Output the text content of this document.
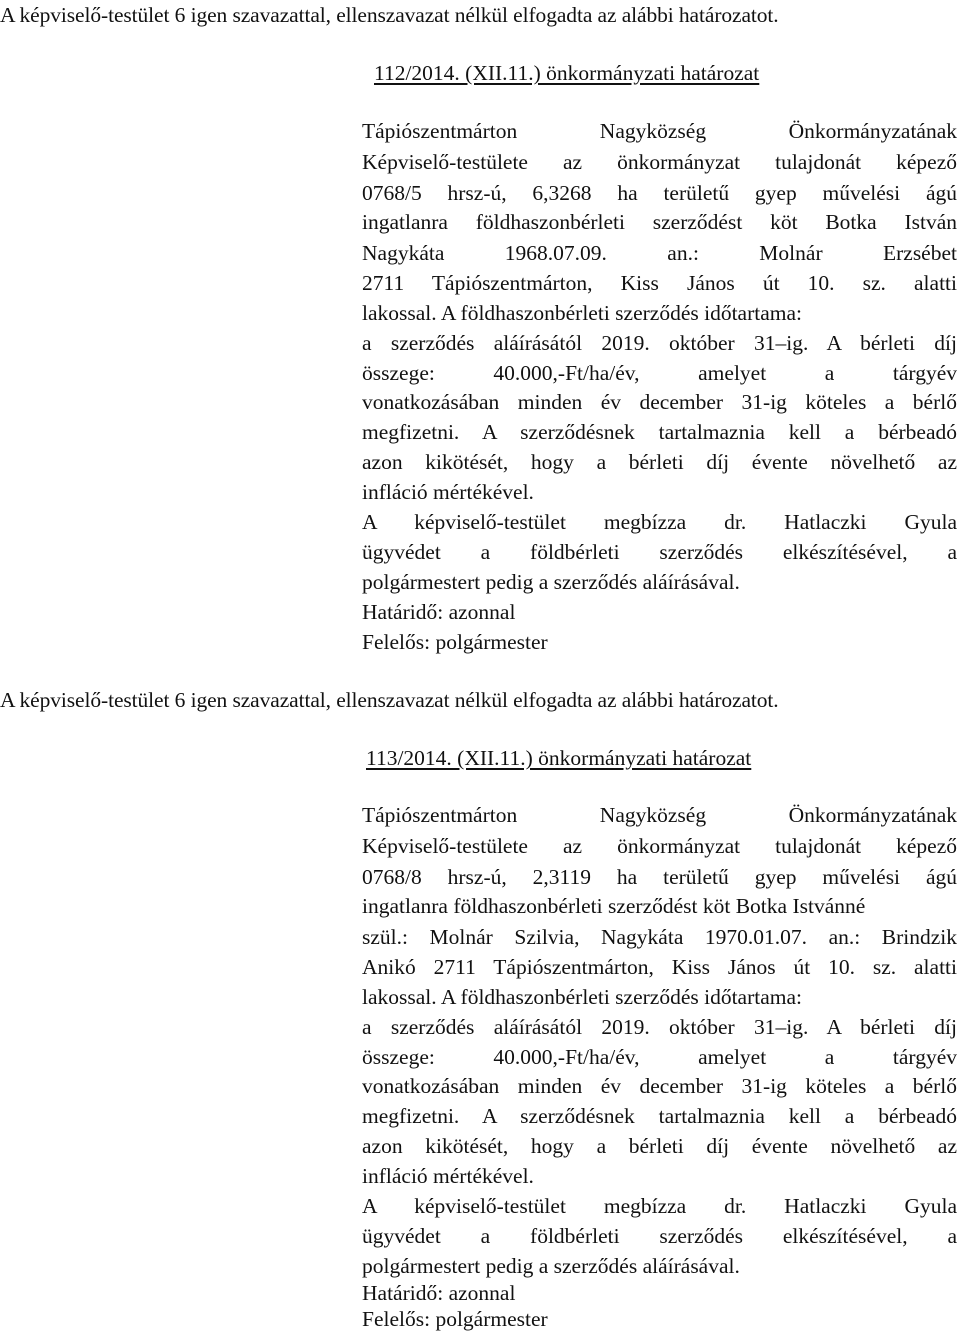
A képviselő-testület 6 igen szavazattal, ellenszavazat nélkül elfogadta az alábbi határozatot.
112/2014. (XII.11.) önkormányzati határozat
Tápiószentmárton Nagyközség Önkormányzatának
Képviselő-testülete az önkormányzat tulajdonát képező
0768/5 hrsz-ú, 6,3268 ha területű gyep művelési ágú
ingatlanra földhaszonbérleti szerződést köt Botka István
Nagykáta 1968.07.09. an.: Molnár Erzsébet
2711 Tápiószentmárton, Kiss János út 10. sz. alatti
lakossal. A földhaszonbérleti szerződés időtartama:
a szerződés aláírásától 2019. október 31–ig. A bérleti díj
összege: 40.000,-Ft/ha/év, amelyet a tárgyév
vonatkozásában minden év december 31-ig köteles a bérlő
megfizetni. A szerződésnek tartalmaznia kell a bérbeadó
azon kikötését, hogy a bérleti díj évente növelhető az
infláció mértékével.
A képviselő-testület megbízza dr. Hatlaczki Gyula
ügyvédet a földbérleti szerződés elkészítésével, a
polgármestert pedig a szerződés aláírásával.
Határidő: azonnal
Felelős: polgármester
A képviselő-testület 6 igen szavazattal, ellenszavazat nélkül elfogadta az alábbi határozatot.
113/2014. (XII.11.) önkormányzati határozat
Tápiószentmárton Nagyközség Önkormányzatának
Képviselő-testülete az önkormányzat tulajdonát képező
0768/8 hrsz-ú, 2,3119 ha területű gyep művelési ágú
ingatlanra földhaszonbérleti szerződést köt Botka Istvánné
szül.: Molnár Szilvia, Nagykáta 1970.01.07. an.: Brindzik
Anikó 2711 Tápiószentmárton, Kiss János út 10. sz. alatti
lakossal. A földhaszonbérleti szerződés időtartama:
a szerződés aláírásától 2019. október 31–ig. A bérleti díj
összege: 40.000,-Ft/ha/év, amelyet a tárgyév
vonatkozásában minden év december 31-ig köteles a bérlő
megfizetni. A szerződésnek tartalmaznia kell a bérbeadó
azon kikötését, hogy a bérleti díj évente növelhető az
infláció mértékével.
A képviselő-testület megbízza dr. Hatlaczki Gyula
ügyvédet a földbérleti szerződés elkészítésével, a
polgármestert pedig a szerződés aláírásával.
Határidő: azonnal
Felelős: polgármester
